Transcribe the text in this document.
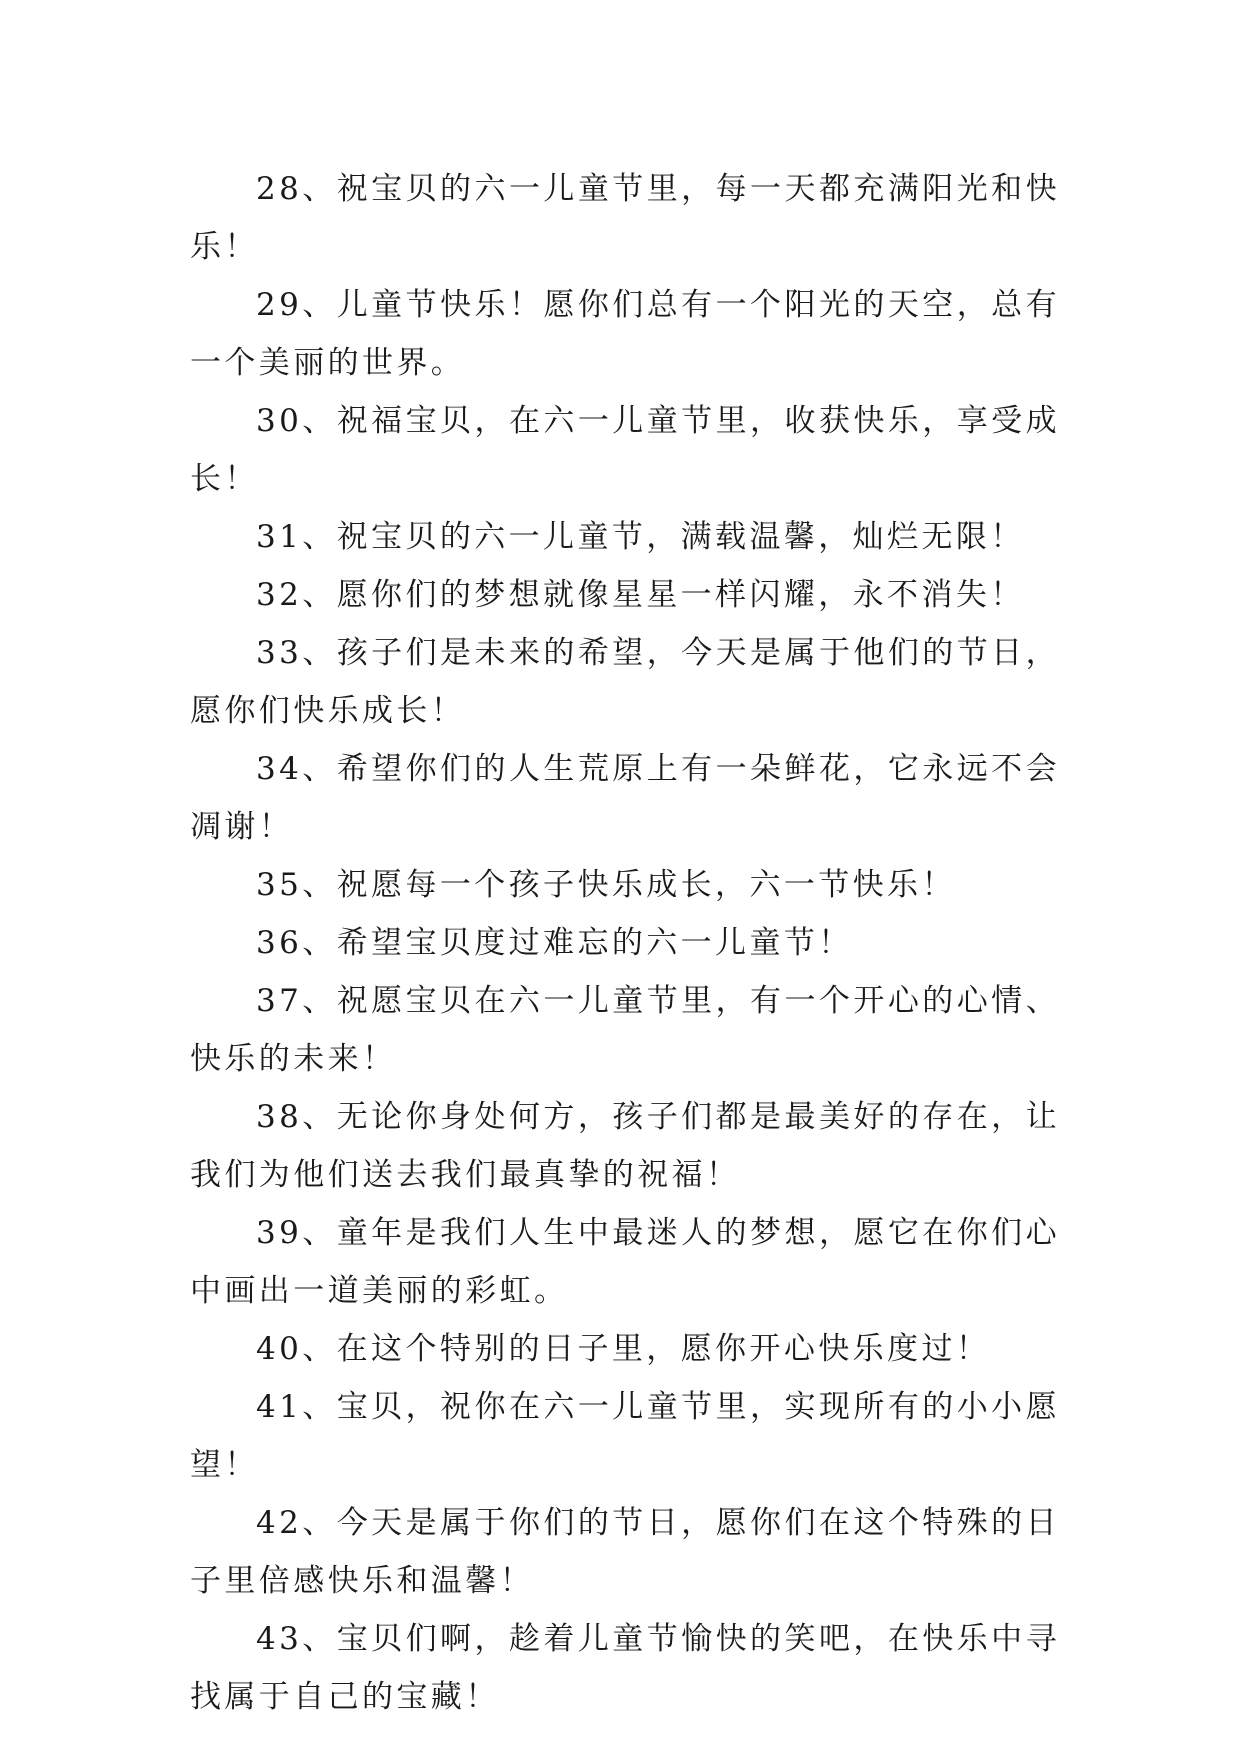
28、祝宝贝的六一儿童节里，每一天都充满阳光和快乐！

29、儿童节快乐！愿你们总有一个阳光的天空，总有一个美丽的世界。

30、祝福宝贝，在六一儿童节里，收获快乐，享受成长！

31、祝宝贝的六一儿童节，满载温馨，灿烂无限！

32、愿你们的梦想就像星星一样闪耀，永不消失！

33、孩子们是未来的希望，今天是属于他们的节日，愿你们快乐成长！

34、希望你们的人生荒原上有一朵鲜花，它永远不会凋谢！

35、祝愿每一个孩子快乐成长，六一节快乐！

36、希望宝贝度过难忘的六一儿童节！

37、祝愿宝贝在六一儿童节里，有一个开心的心情、快乐的未来！

38、无论你身处何方，孩子们都是最美好的存在，让我们为他们送去我们最真挚的祝福！

39、童年是我们人生中最迷人的梦想，愿它在你们心中画出一道美丽的彩虹。

40、在这个特别的日子里，愿你开心快乐度过！

41、宝贝，祝你在六一儿童节里，实现所有的小小愿望！

42、今天是属于你们的节日，愿你们在这个特殊的日子里倍感快乐和温馨！

43、宝贝们啊，趁着儿童节愉快的笑吧，在快乐中寻找属于自己的宝藏！
